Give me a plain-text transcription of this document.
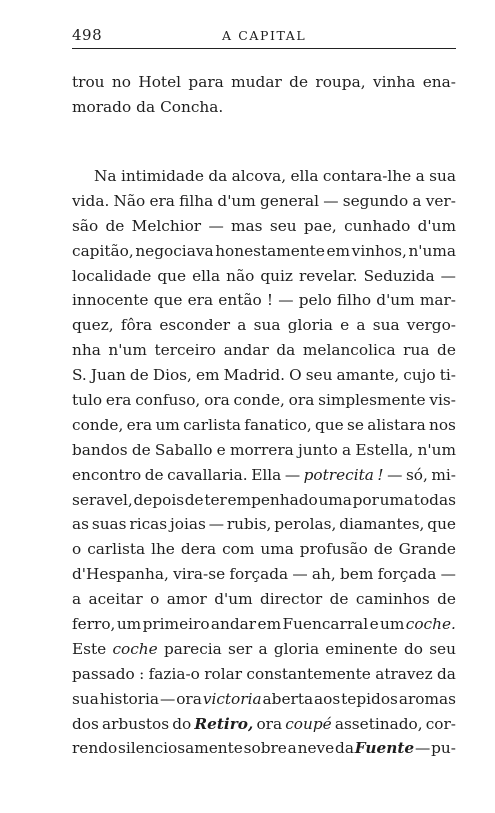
498	A CAPITAL
trou no Hotel para mudar de roupa, vinha ena-
morado da Concha.
Na intimidade da alcova, ella contara-lhe a sua
vida. Não era filha d'um general — segundo a ver-
são de Melchior — mas seu pae, cunhado d'um
capitão, negociava honestamente em vinhos, n'uma
localidade que ella não quiz revelar. Seduzida —
innocente que era então ! — pelo filho d'um mar-
quez, fôra esconder a sua gloria e a sua vergo-
nha n'um terceiro andar da melancolica rua de
S. Juan de Dios, em Madrid. O seu amante, cujo ti-
tulo era confuso, ora conde, ora simplesmente vis-
conde, era um carlista fanatico, que se alistara nos
bandos de Saballo e morrera junto a Estella, n'um
encontro de cavallaria. Ella — potrecita ! — só, mi-
seravel, depois de ter empenhado uma por uma todas
as suas ricas joias — rubis, perolas, diamantes, que
o carlista lhe dera com uma profusão de Grande
d'Hespanha, vira-se forçada — ah, bem forçada —
a aceitar o amor d'um director de caminhos de
ferro, um primeiro andar em Fuencarral e um coche.
Este coche parecia ser a gloria eminente do seu
passado : fazia-o rolar constantemente atravez da
sua historia — ora victoria aberta aos tepidos aromas
dos arbustos do Retiro, ora coupé assetinado, cor-
rendo silenciosamente sobre a neve da Fuente — pu-
